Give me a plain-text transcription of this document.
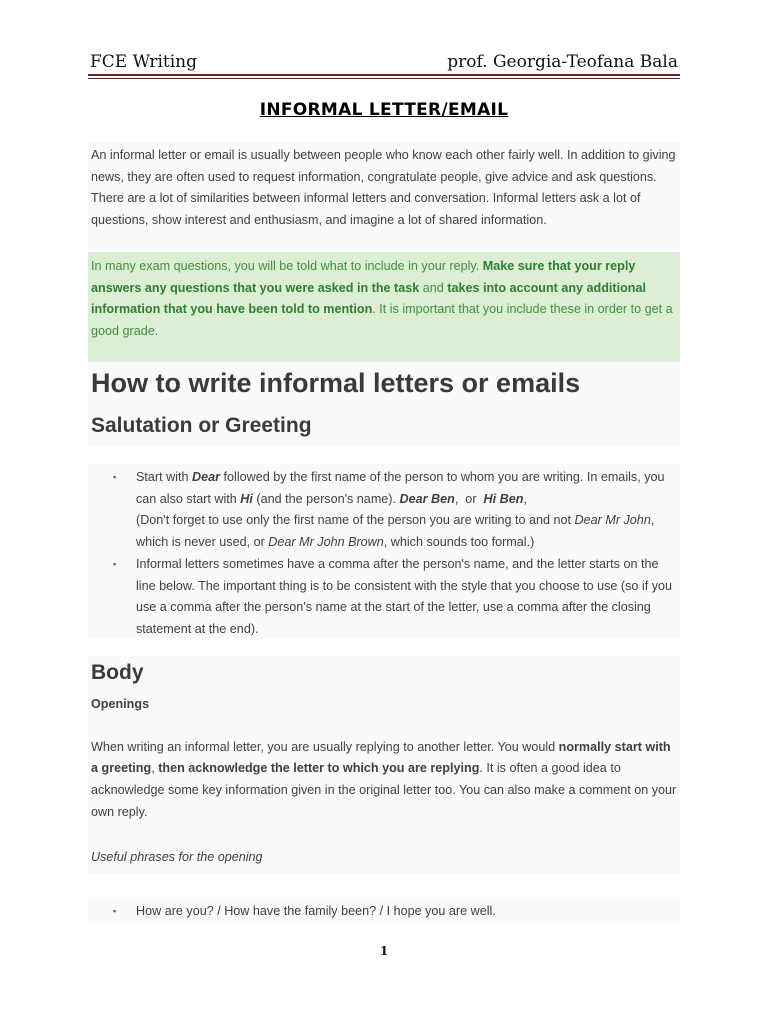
FCE Writing	prof. Georgia-Teofana Bala
INFORMAL LETTER/EMAIL
An informal letter or email is usually between people who know each other fairly well. In addition to giving news, they are often used to request information, congratulate people, give advice and ask questions. There are a lot of similarities between informal letters and conversation. Informal letters ask a lot of questions, show interest and enthusiasm, and imagine a lot of shared information.
In many exam questions, you will be told what to include in your reply. Make sure that your reply answers any questions that you were asked in the task and takes into account any additional information that you have been told to mention. It is important that you include these in order to get a good grade.
How to write informal letters or emails
Salutation or Greeting
▪ Start with Dear followed by the first name of the person to whom you are writing. In emails, you can also start with Hi (and the person's name). Dear Ben,  or  Hi Ben,
(Don't forget to use only the first name of the person you are writing to and not Dear Mr John, which is never used, or Dear Mr John Brown, which sounds too formal.)
▪ Informal letters sometimes have a comma after the person's name, and the letter starts on the line below. The important thing is to be consistent with the style that you choose to use (so if you use a comma after the person's name at the start of the letter, use a comma after the closing statement at the end).
Body
Openings
When writing an informal letter, you are usually replying to another letter. You would normally start with a greeting, then acknowledge the letter to which you are replying. It is often a good idea to acknowledge some key information given in the original letter too. You can also make a comment on your own reply.
Useful phrases for the opening
▪ How are you? / How have the family been? / I hope you are well.
1
